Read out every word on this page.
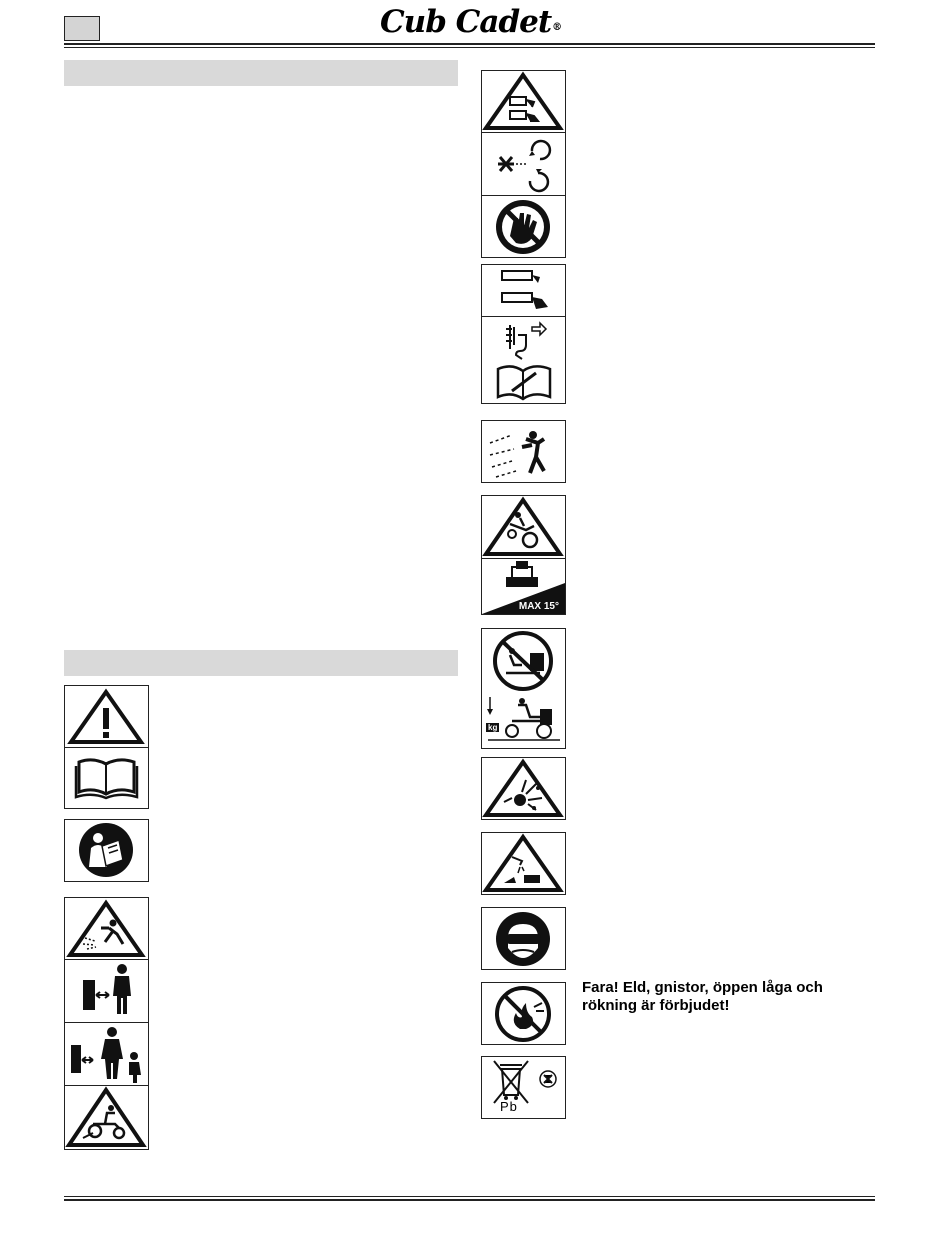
Cub Cadet®
MAX 15°
kg
Fara! Eld, gnistor, öppen låga och rökning är förbjudet!
Pb
